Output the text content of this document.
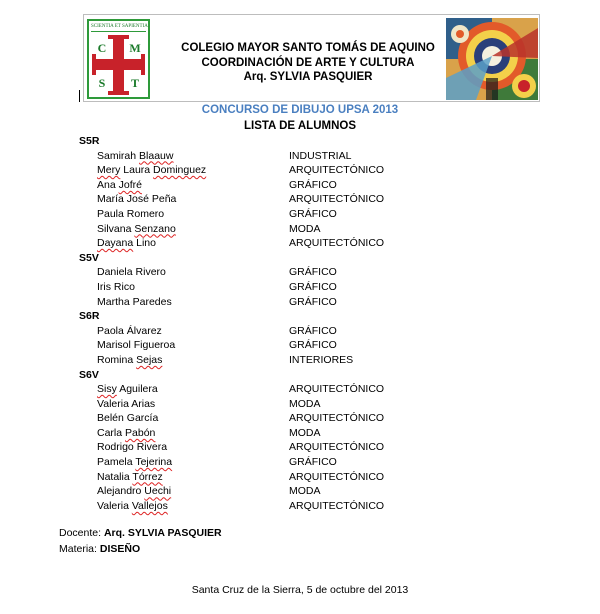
SCIENTIA ET SAPIENTIA
C M
S T
COLEGIO MAYOR SANTO TOMÁS DE AQUINO
COORDINACIÓN DE ARTE Y CULTURA
Arq. SYLVIA PASQUIER
CONCURSO DE DIBUJO UPSA 2013
LISTA DE ALUMNOS
S5R
Samirah Blaauw	INDUSTRIAL
Mery Laura Dominguez	ARQUITECTÓNICO
Ana Jofré	GRÁFICO
María José Peña	ARQUITECTÓNICO
Paula Romero	GRÁFICO
Silvana Senzano	MODA
Dayana Lino	ARQUITECTÓNICO
S5V
Daniela Rivero	GRÁFICO
Iris Rico	GRÁFICO
Martha Paredes	GRÁFICO
S6R
Paola Álvarez	GRÁFICO
Marisol Figueroa	GRÁFICO
Romina Sejas	INTERIORES
S6V
Sisy Aguilera	ARQUITECTÓNICO
Valeria Arias	MODA
Belén García	ARQUITECTÓNICO
Carla Pabón	MODA
Rodrigo Rivera	ARQUITECTÓNICO
Pamela Tejerina	GRÁFICO
Natalia Tórrez	ARQUITECTÓNICO
Alejandro Uechi	MODA
Valeria Vallejos	ARQUITECTÓNICO
Docente: Arq. SYLVIA PASQUIER
Materia: DISEÑO
Santa Cruz de la Sierra, 5 de octubre del 2013
